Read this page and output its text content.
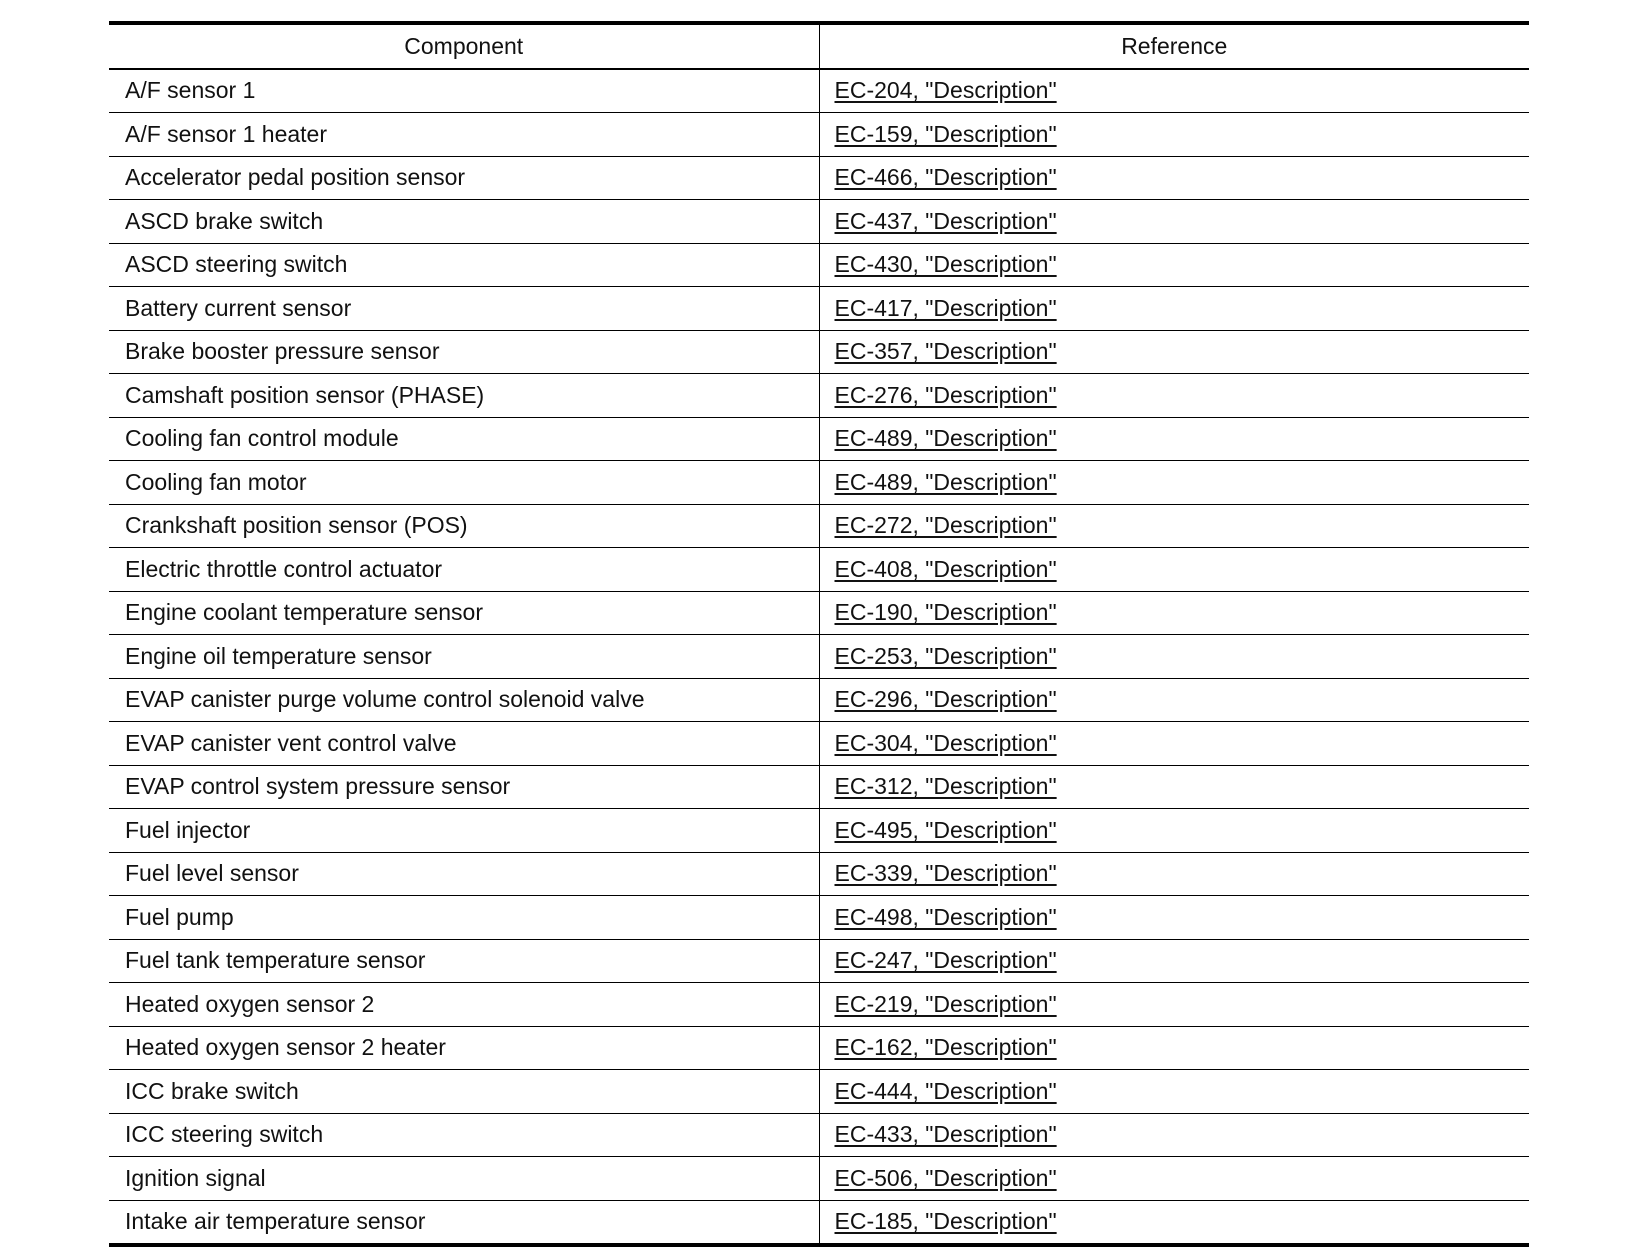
Component	Reference
A/F sensor 1	EC-204, "Description"
A/F sensor 1 heater	EC-159, "Description"
Accelerator pedal position sensor	EC-466, "Description"
ASCD brake switch	EC-437, "Description"
ASCD steering switch	EC-430, "Description"
Battery current sensor	EC-417, "Description"
Brake booster pressure sensor	EC-357, "Description"
Camshaft position sensor (PHASE)	EC-276, "Description"
Cooling fan control module	EC-489, "Description"
Cooling fan motor	EC-489, "Description"
Crankshaft position sensor (POS)	EC-272, "Description"
Electric throttle control actuator	EC-408, "Description"
Engine coolant temperature sensor	EC-190, "Description"
Engine oil temperature sensor	EC-253, "Description"
EVAP canister purge volume control solenoid valve	EC-296, "Description"
EVAP canister vent control valve	EC-304, "Description"
EVAP control system pressure sensor	EC-312, "Description"
Fuel injector	EC-495, "Description"
Fuel level sensor	EC-339, "Description"
Fuel pump	EC-498, "Description"
Fuel tank temperature sensor	EC-247, "Description"
Heated oxygen sensor 2	EC-219, "Description"
Heated oxygen sensor 2 heater	EC-162, "Description"
ICC brake switch	EC-444, "Description"
ICC steering switch	EC-433, "Description"
Ignition signal	EC-506, "Description"
Intake air temperature sensor	EC-185, "Description"
